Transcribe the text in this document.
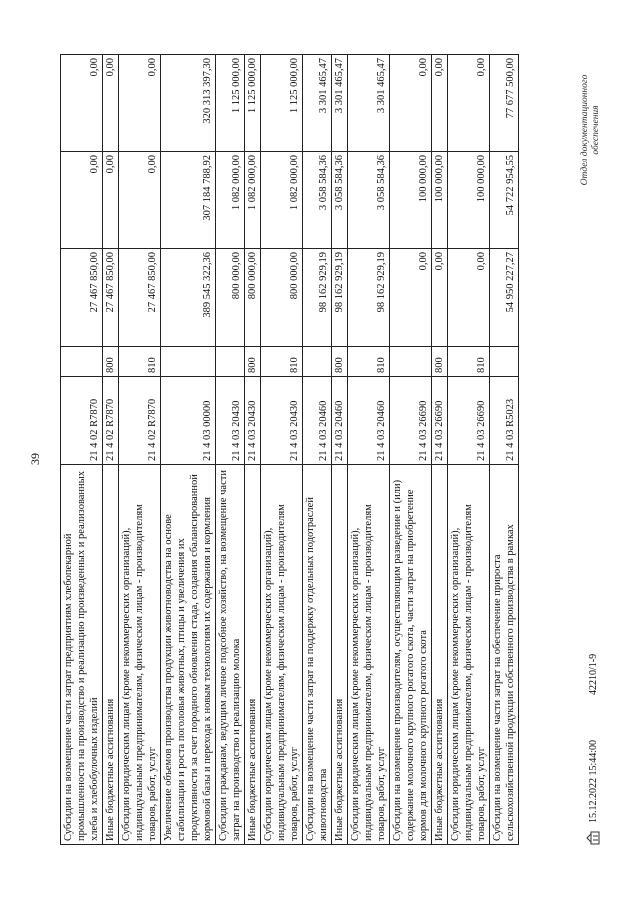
39
Субсидии на возмещение части затрат предприятиям хлебопекарной промышленности на производство и реализацию произведенных и реализованных хлеба и хлебобулочных изделий	21 4 02 R7870		27 467 850,00	0,00	0,00
Иные бюджетные ассигнования	21 4 02 R7870	800	27 467 850,00	0,00	0,00
Субсидии юридическим лицам (кроме некоммерческих организаций), индивидуальным предпринимателям, физическим лицам - производителям товаров, работ, услуг	21 4 02 R7870	810	27 467 850,00	0,00	0,00
Увеличение объемов производства продукции животноводства на основе стабилизации и роста поголовья животных, птицы и увеличения их продуктивности за счет породного обновления стада, создания сбалансированной кормовой базы и перехода к новым технологиям их содержания и кормления	21 4 03 00000		389 545 322,36	307 184 788,92	320 313 397,30
Субсидии гражданам, ведущим личное подсобное хозяйство, на возмещение части затрат на производство и реализацию молока	21 4 03 20430		800 000,00	1 082 000,00	1 125 000,00
Иные бюджетные ассигнования	21 4 03 20430	800	800 000,00	1 082 000,00	1 125 000,00
Субсидии юридическим лицам (кроме некоммерческих организаций), индивидуальным предпринимателям, физическим лицам - производителям товаров, работ, услуг	21 4 03 20430	810	800 000,00	1 082 000,00	1 125 000,00
Субсидии на возмещение части затрат на поддержку отдельных подотраслей животноводства	21 4 03 20460		98 162 929,19	3 058 584,36	3 301 465,47
Иные бюджетные ассигнования	21 4 03 20460	800	98 162 929,19	3 058 584,36	3 301 465,47
Субсидии юридическим лицам (кроме некоммерческих организаций), индивидуальным предпринимателям, физическим лицам - производителям товаров, работ, услуг	21 4 03 20460	810	98 162 929,19	3 058 584,36	3 301 465,47
Субсидии на возмещение производителям, осуществляющим разведение и (или) содержание молочного крупного рогатого скота, части затрат на приобретение кормов для молочного крупного рогатого скота	21 4 03 26690		0,00	100 000,00	0,00
Иные бюджетные ассигнования	21 4 03 26690	800	0,00	100 000,00	0,00
Субсидии юридическим лицам (кроме некоммерческих организаций), индивидуальным предпринимателям, физическим лицам - производителям товаров, работ, услуг	21 4 03 26690	810	0,00	100 000,00	0,00
Субсидии на возмещение части затрат на обеспечение прироста сельскохозяйственной продукции собственного производства в рамках	21 4 03 R5023		54 950 227,27	54 722 954,55	77 677 500,00
15.12.2022 15:44:00
42210/1-9
Отдел документационного обеспечения
